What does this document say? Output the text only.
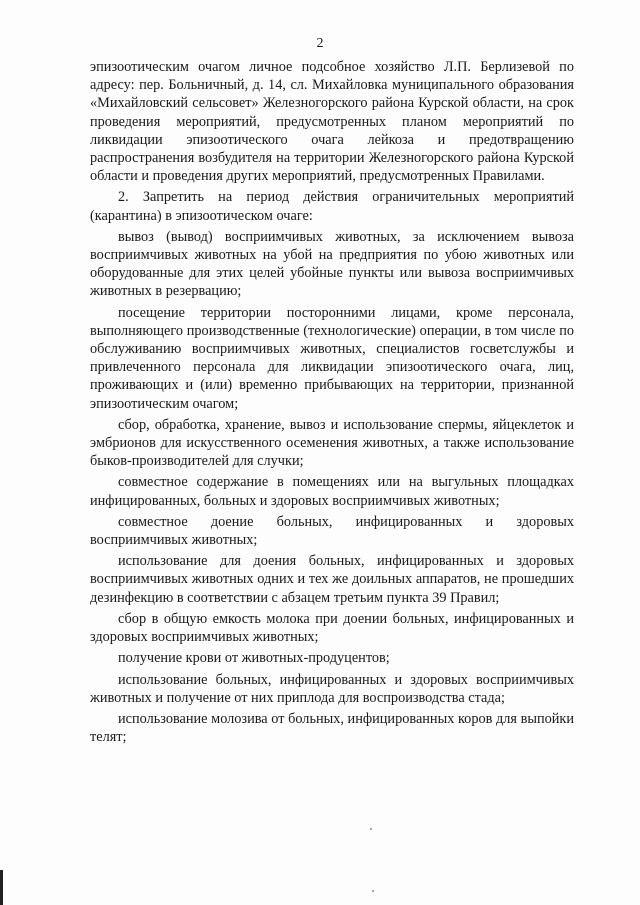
2

эпизоотическим очагом личное подсобное хозяйство Л.П. Берлизевой по адресу: пер. Больничный, д. 14, сл. Михайловка муниципального образования «Михайловский сельсовет» Железногорского района Курской области, на срок проведения мероприятий, предусмотренных планом мероприятий по ликвидации эпизоотического очага лейкоза и предотвращению распространения возбудителя на территории Железногорского района Курской области и проведения других мероприятий, предусмотренных Правилами.

2. Запретить на период действия ограничительных мероприятий (карантина) в эпизоотическом очаге:

вывоз (вывод) восприимчивых животных, за исключением вывоза восприимчивых животных на убой на предприятия по убою животных или оборудованные для этих целей убойные пункты или вывоза восприимчивых животных в резервацию;

посещение территории посторонними лицами, кроме персонала, выполняющего производственные (технологические) операции, в том числе по обслуживанию восприимчивых животных, специалистов госветслужбы и привлеченного персонала для ликвидации эпизоотического очага, лиц, проживающих и (или) временно прибывающих на территории, признанной эпизоотическим очагом;

сбор, обработка, хранение, вывоз и использование спермы, яйцеклеток и эмбрионов для искусственного осеменения животных, а также использование быков-производителей для случки;

совместное содержание в помещениях или на выгульных площадках инфицированных, больных и здоровых восприимчивых животных;

совместное доение больных, инфицированных и здоровых восприимчивых животных;

использование для доения больных, инфицированных и здоровых восприимчивых животных одних и тех же доильных аппаратов, не прошедших дезинфекцию в соответствии с абзацем третьим пункта 39 Правил;

сбор в общую емкость молока при доении больных, инфицированных и здоровых восприимчивых животных;

получение крови от животных-продуцентов;

использование больных, инфицированных и здоровых восприимчивых животных и получение от них приплода для воспроизводства стада;

использование молозива от больных, инфицированных коров для выпойки телят;
